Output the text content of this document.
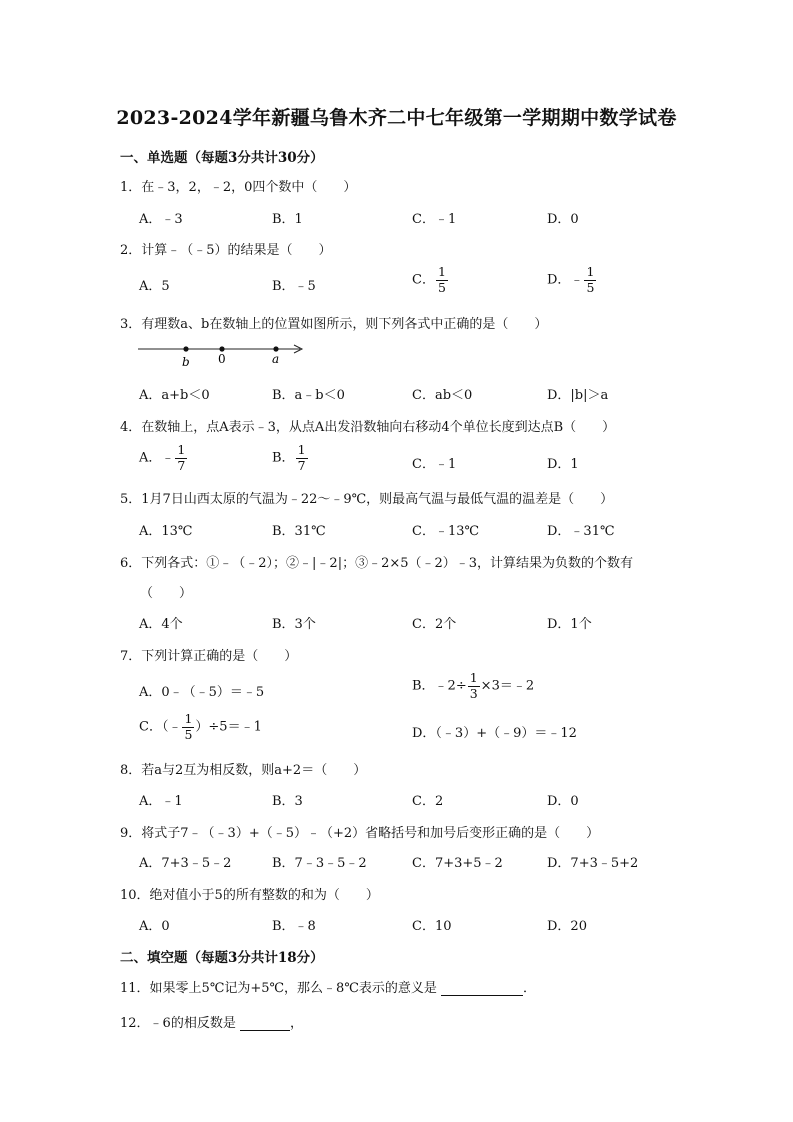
2023-2024学年新疆乌鲁木齐二中七年级第一学期期中数学试卷
一、单选题（每题3分共计30分）
1．在﹣3，2，﹣2，0四个数中（　　）
A．﹣3	B．1	C．﹣1	D．0
2．计算﹣（﹣5）的结果是（　　）
A．5	B．﹣5	C． $\frac{1}{5}$	D．﹣ $\frac{1}{5}$
3．有理数a、b在数轴上的位置如图所示，则下列各式中正确的是（　　）
b 0	a
A．a+b＜0	B．a﹣b＜0	C．ab＜0	D．|b|＞a
4．在数轴上，点A表示﹣3，从点A出发沿数轴向右移动4个单位长度到达点B（　　）
A．﹣ $\frac{1}{7}$	B． $\frac{1}{7}$	C．﹣1	D．1
5．1月7日山西太原的气温为﹣22～﹣9℃，则最高气温与最低气温的温差是（　　）
A．13℃	B．31℃	C．﹣13℃	D．﹣31℃
6．下列各式：①﹣（﹣2）；②﹣|﹣2|；③﹣2×5（﹣2）﹣3，计算结果为负数的个数有
（　　）
A．4个	B．3个	C．2个	D．1个
7．下列计算正确的是（　　）
A．0﹣（﹣5）＝﹣5	B．﹣2÷ $\frac{1}{3}$ ×3＝﹣2
C．（﹣ $\frac{1}{5}$ ）÷5＝﹣1	D．（﹣3）+（﹣9）＝﹣12
8．若a与2互为相反数，则a+2＝（　　）
A．﹣1	B．3	C．2	D．0
9．将式子7﹣（﹣3）+（﹣5）﹣（+2）省略括号和加号后变形正确的是（　　）
A．7+3﹣5﹣2	B．7﹣3﹣5﹣2	C．7+3+5﹣2	D．7+3﹣5+2
10．绝对值小于5的所有整数的和为（　　）
A．0	B．﹣8	C．10	D．20
二、填空题（每题3分共计18分）
11．如果零上5℃记为+5℃，那么﹣8℃表示的意义是	．
12．﹣6的相反数是	，
